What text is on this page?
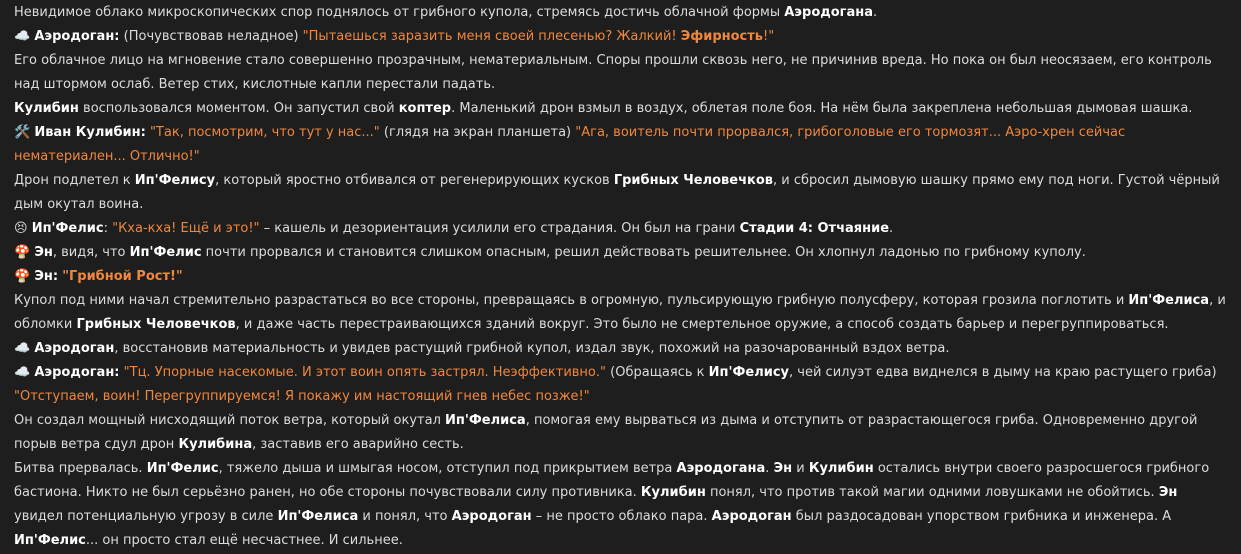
Невидимое облако микроскопических спор поднялось от грибного купола, стремясь достичь облачной формы Аэродогана.

☁️ Аэродоган: (Почувствовав неладное) "Пытаешься заразить меня своей плесенью? Жалкий! Эфирность!"

Его облачное лицо на мгновение стало совершенно прозрачным, нематериальным. Споры прошли сквозь него, не причинив вреда. Но пока он был неосязаем, его контроль над штормом ослаб. Ветер стих, кислотные капли перестали падать.

Кулибин воспользовался моментом. Он запустил свой коптер. Маленький дрон взмыл в воздух, облетая поле боя. На нём была закреплена небольшая дымовая шашка.

🛠️ Иван Кулибин: "Так, посмотрим, что тут у нас..." (глядя на экран планшета) "Ага, воитель почти прорвался, грибоголовые его тормозят... Аэро-хрен сейчас нематериален... Отлично!"

Дрон подлетел к Ип'Фелису, который яростно отбивался от регенерирующих кусков Грибных Человечков, и сбросил дымовую шашку прямо ему под ноги. Густой чёрный дым окутал воина.

😣 Ип'Фелис: "Кха-кха! Ещё и это!" – кашель и дезориентация усилили его страдания. Он был на грани Стадии 4: Отчаяние.

🍄 Эн, видя, что Ип'Фелис почти прорвался и становится слишком опасным, решил действовать решительнее. Он хлопнул ладонью по грибному куполу.

🍄 Эн: "Грибной Рост!"

Купол под ними начал стремительно разрастаться во все стороны, превращаясь в огромную, пульсирующую грибную полусферу, которая грозила поглотить и Ип'Фелиса, и обломки Грибных Человечков, и даже часть перестраивающихся зданий вокруг. Это было не смертельное оружие, а способ создать барьер и перегруппироваться.

☁️ Аэродоган, восстановив материальность и увидев растущий грибной купол, издал звук, похожий на разочарованный вздох ветра.

☁️ Аэродоган: "Тц. Упорные насекомые. И этот воин опять застрял. Неэффективно." (Обращаясь к Ип'Фелису, чей силуэт едва виднелся в дыму на краю растущего гриба) "Отступаем, воин! Перегруппируемся! Я покажу им настоящий гнев небес позже!"

Он создал мощный нисходящий поток ветра, который окутал Ип'Фелиса, помогая ему вырваться из дыма и отступить от разрастающегося гриба. Одновременно другой порыв ветра сдул дрон Кулибина, заставив его аварийно сесть.

Битва прервалась. Ип'Фелис, тяжело дыша и шмыгая носом, отступил под прикрытием ветра Аэродогана. Эн и Кулибин остались внутри своего разросшегося грибного бастиона. Никто не был серьёзно ранен, но обе стороны почувствовали силу противника. Кулибин понял, что против такой магии одними ловушками не обойтись. Эн увидел потенциальную угрозу в силе Ип'Фелиса и понял, что Аэродоган – не просто облако пара. Аэродоган был раздосадован упорством грибника и инженера. А Ип'Фелис... он просто стал ещё несчастнее. И сильнее.
